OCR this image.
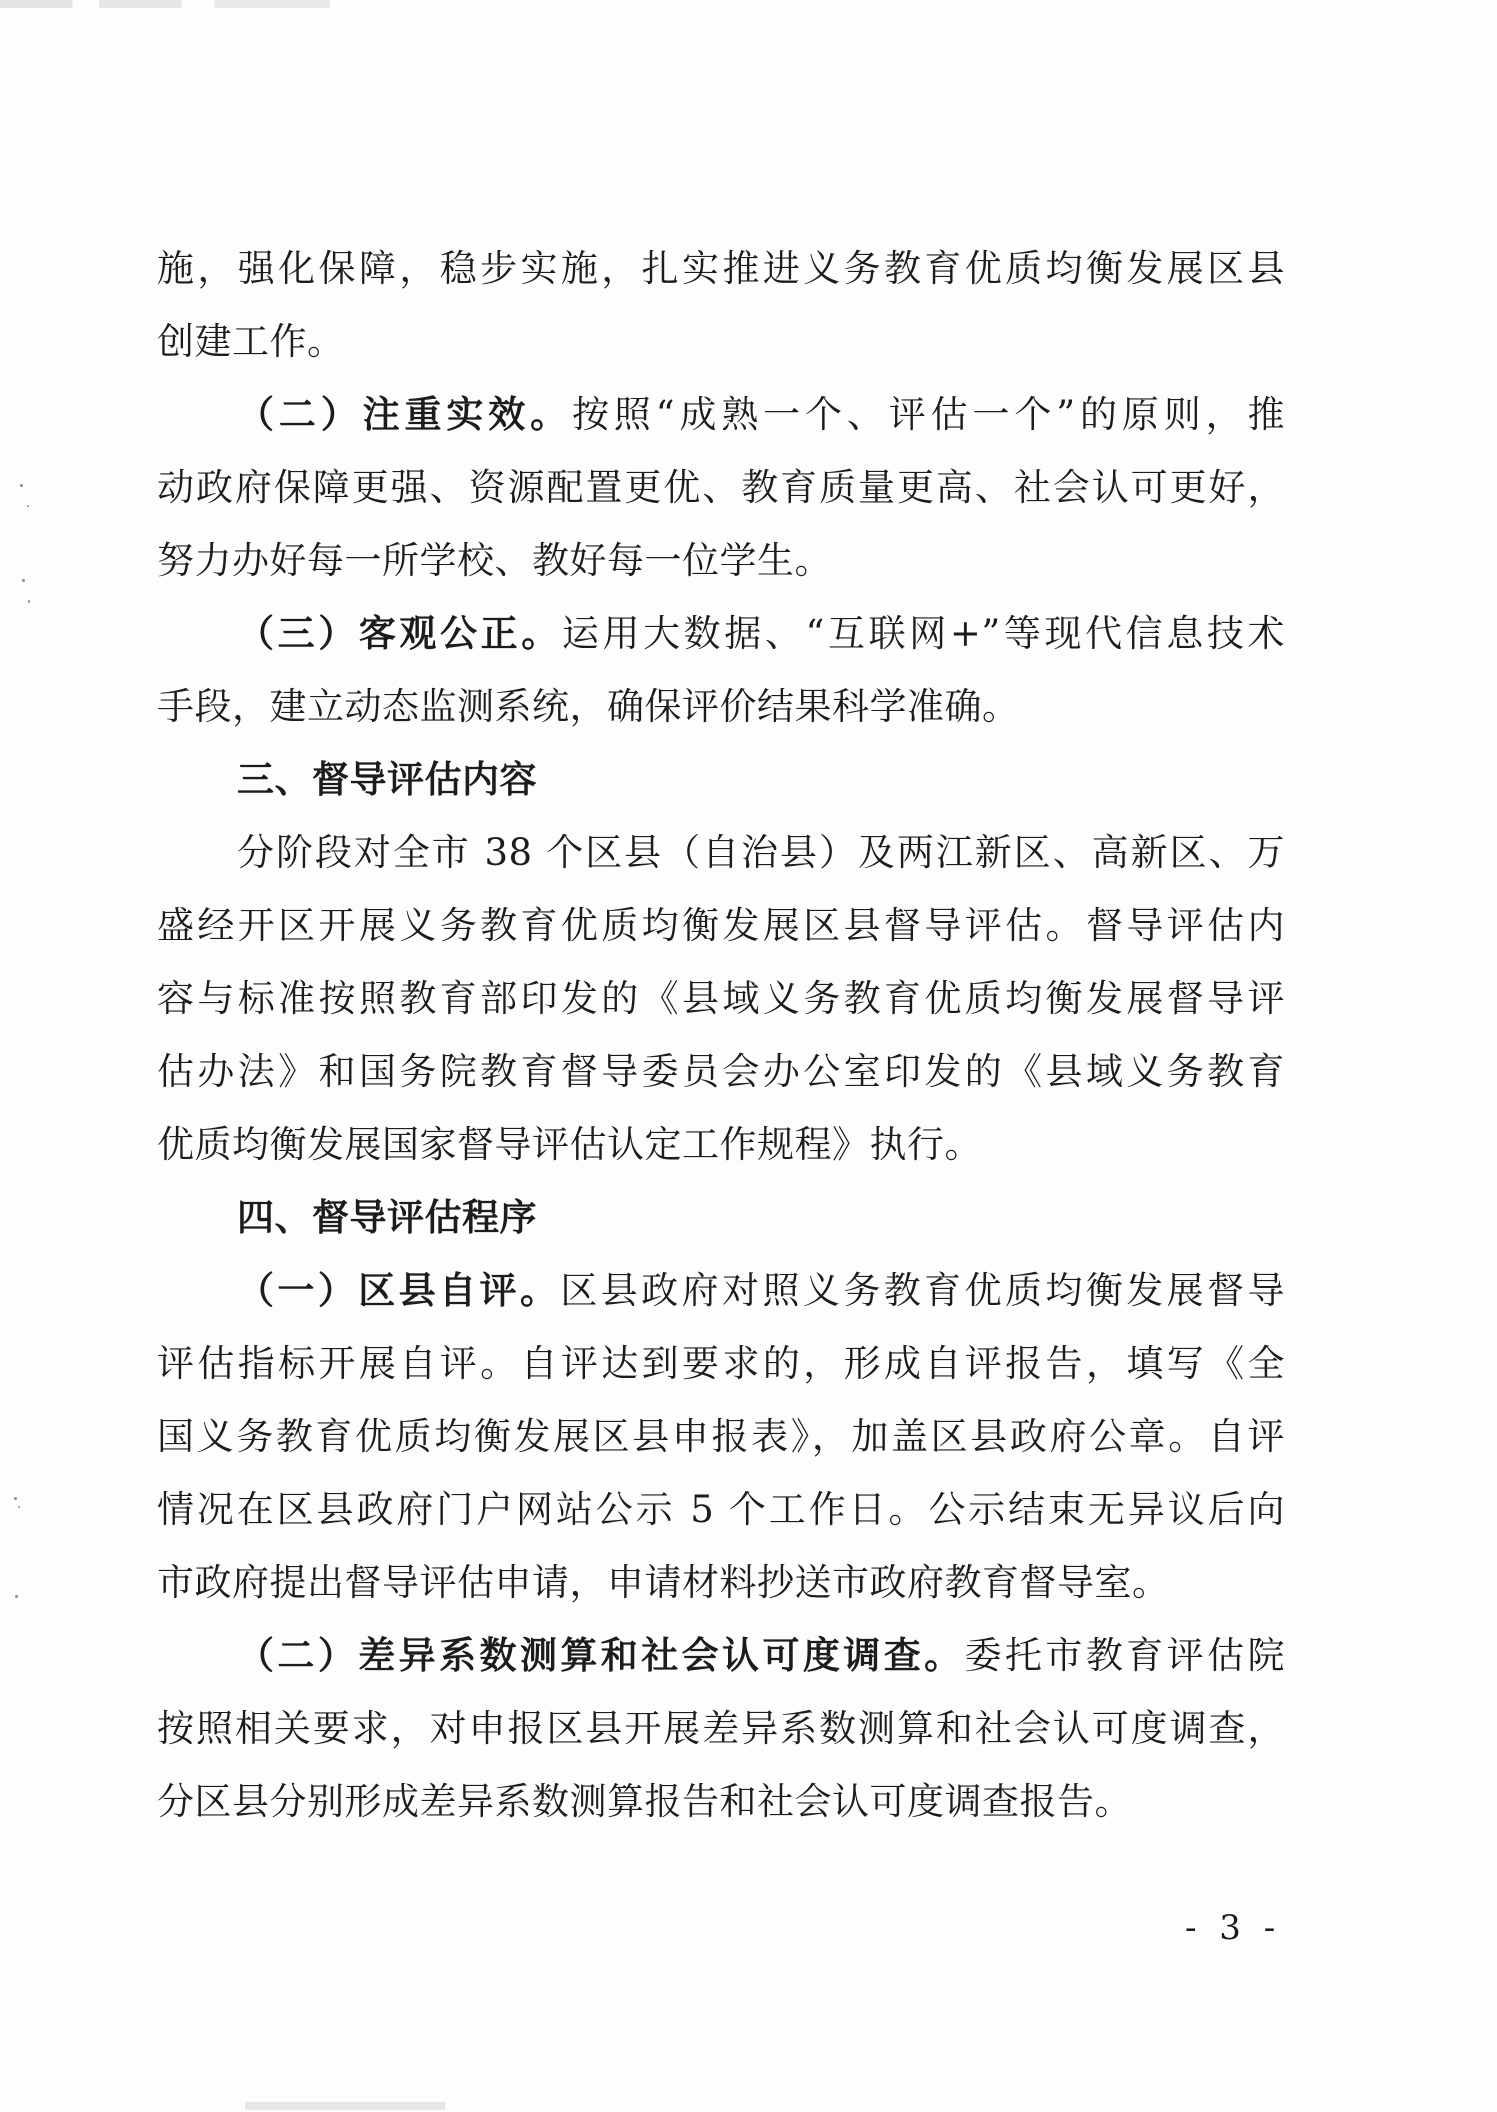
施，强化保障，稳步实施，扎实推进义务教育优质均衡发展区县
创建工作。
（二）注重实效。按照“成熟一个、评估一个”的原则，推
动政府保障更强、资源配置更优、教育质量更高、社会认可更好，
努力办好每一所学校、教好每一位学生。
（三）客观公正。运用大数据、“互联网+”等现代信息技术
手段，建立动态监测系统，确保评价结果科学准确。
三、督导评估内容
分阶段对全市 38 个区县（自治县）及两江新区、高新区、万
盛经开区开展义务教育优质均衡发展区县督导评估。督导评估内
容与标准按照教育部印发的《县域义务教育优质均衡发展督导评
估办法》和国务院教育督导委员会办公室印发的《县域义务教育
优质均衡发展国家督导评估认定工作规程》执行。
四、督导评估程序
（一）区县自评。区县政府对照义务教育优质均衡发展督导
评估指标开展自评。自评达到要求的，形成自评报告，填写《全
国义务教育优质均衡发展区县申报表》，加盖区县政府公章。自评
情况在区县政府门户网站公示 5 个工作日。公示结束无异议后向
市政府提出督导评估申请，申请材料抄送市政府教育督导室。
（二）差异系数测算和社会认可度调查。委托市教育评估院
按照相关要求，对申报区县开展差异系数测算和社会认可度调查，
分区县分别形成差异系数测算报告和社会认可度调查报告。
- 3 -
